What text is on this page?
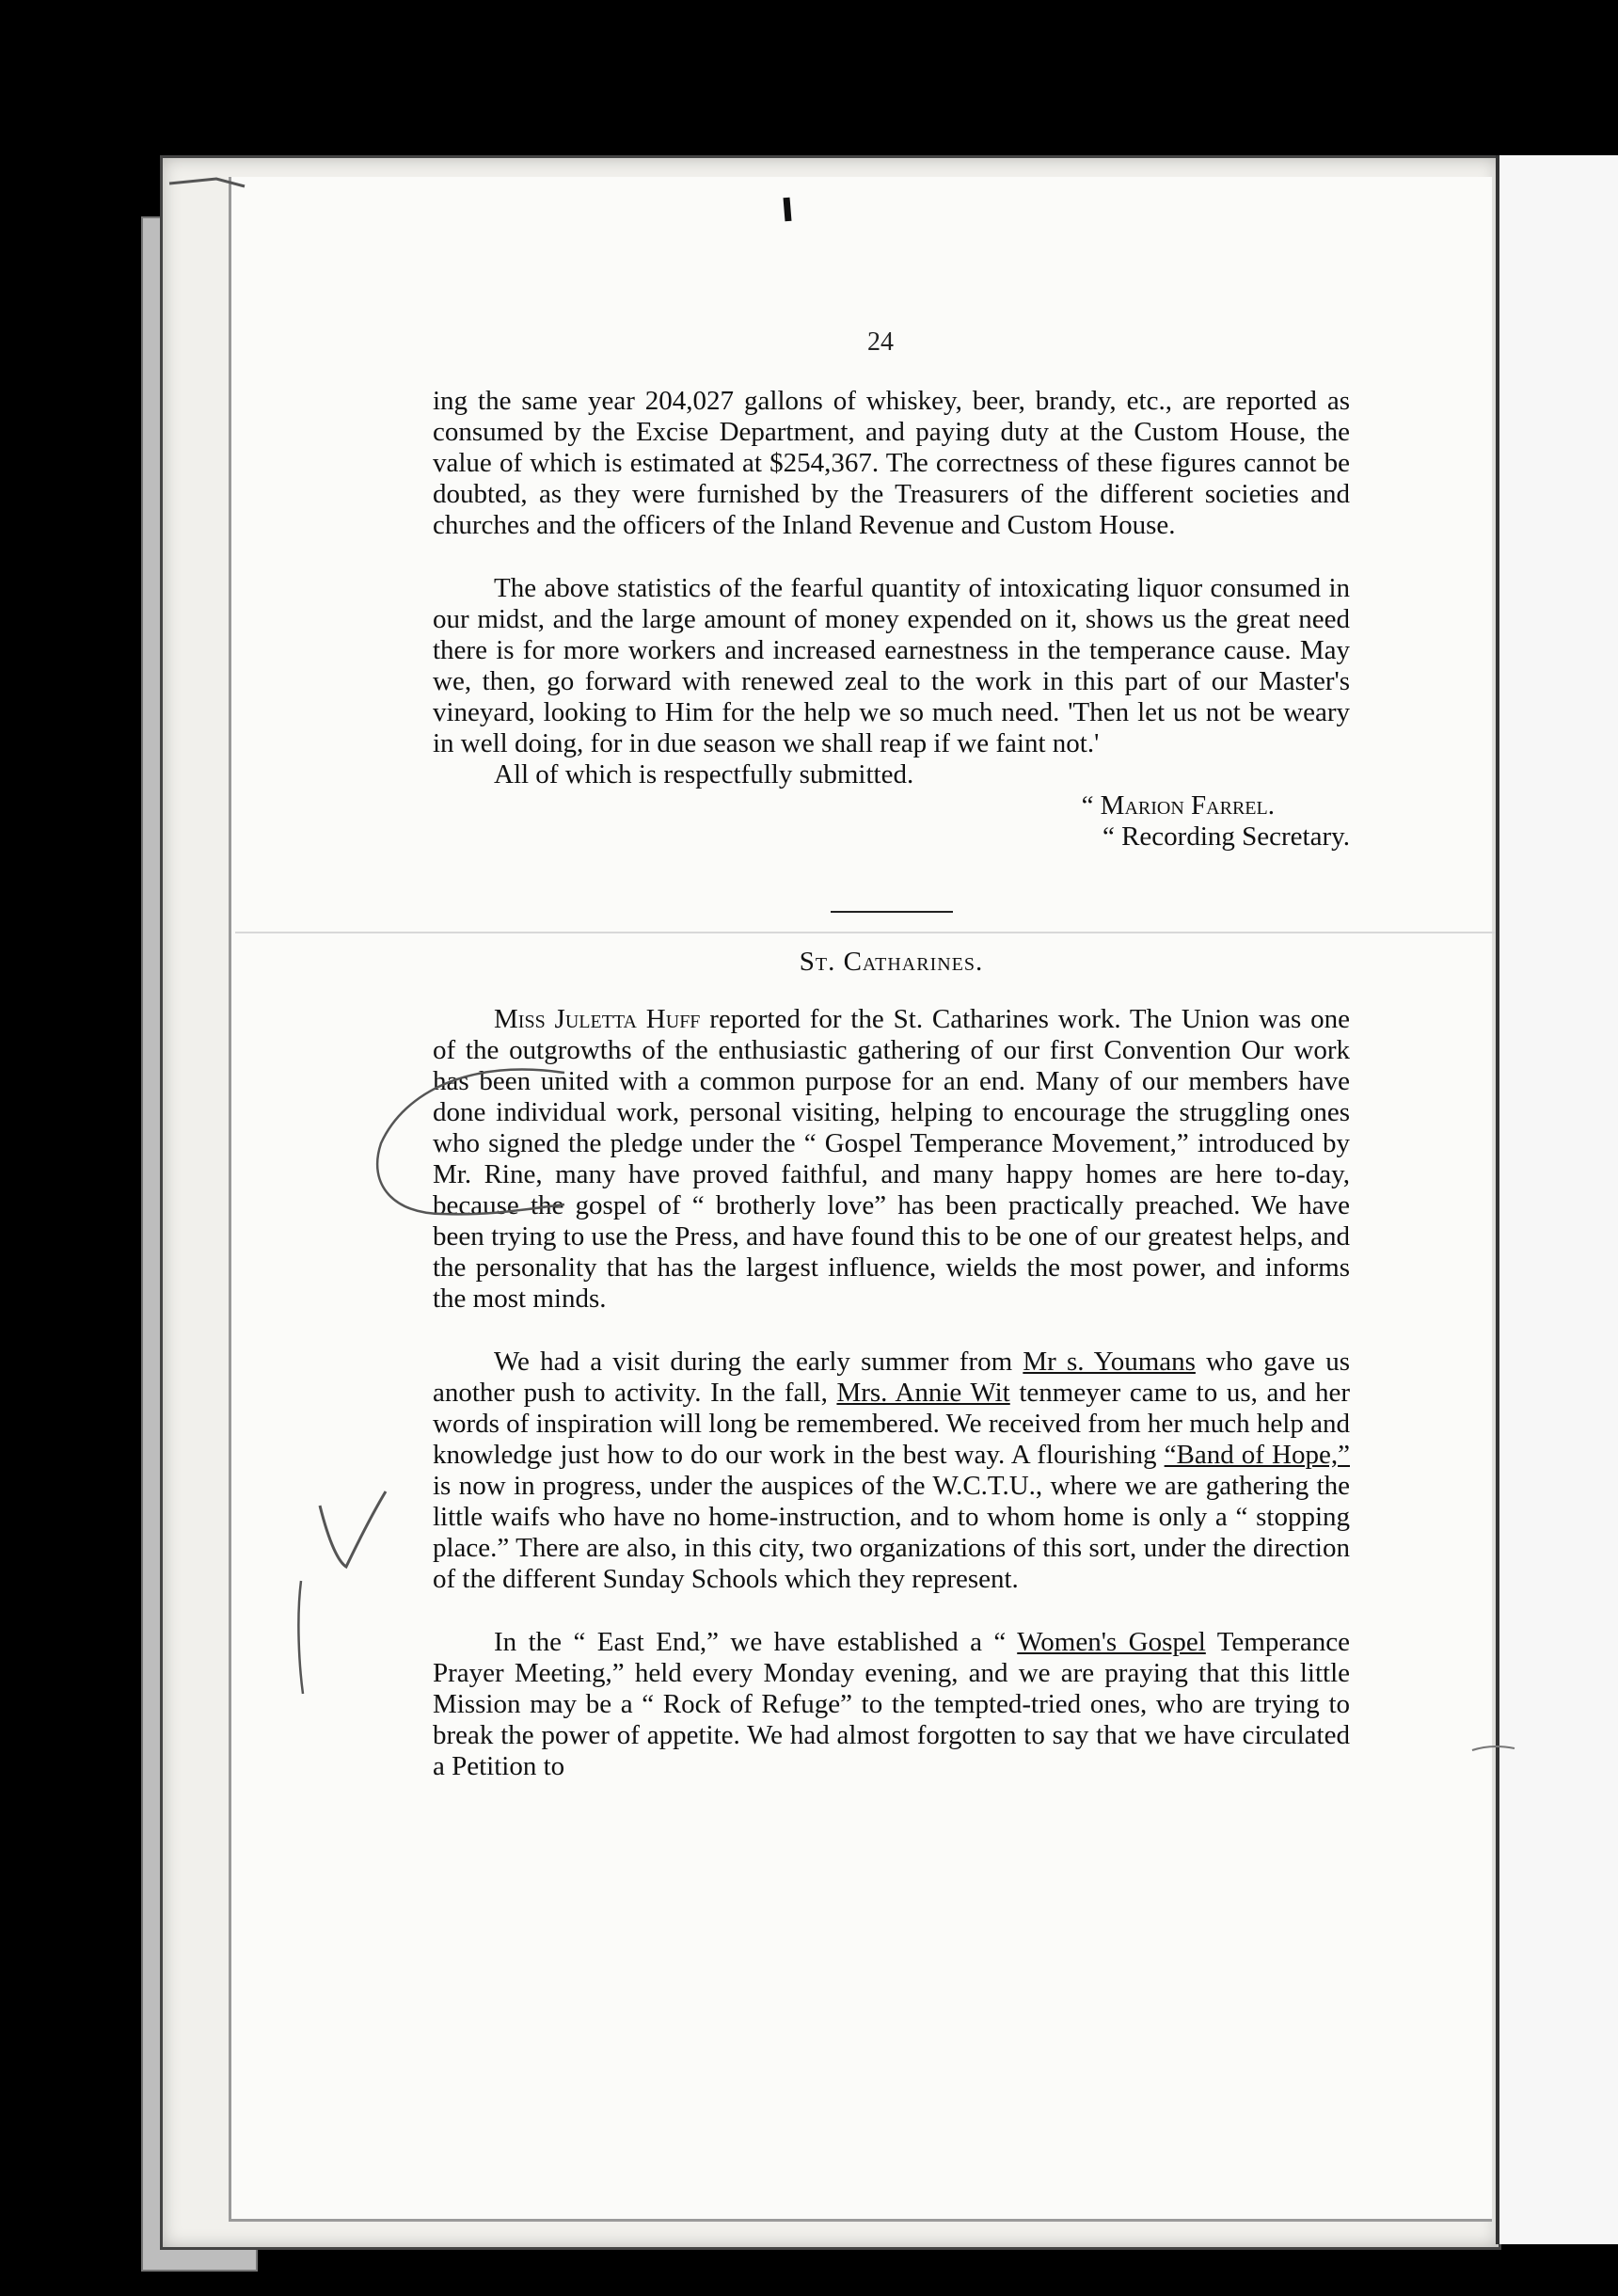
24

ing the same year 204,027 gallons of whiskey, beer, brandy, etc., are reported as consumed by the Excise Department, and paying duty at the Custom House, the value of which is estimated at $254,367. The correctness of these figures cannot be doubted, as they were furnished by the Treasurers of the different societies and churches and the officers of the Inland Revenue and Custom House.

The above statistics of the fearful quantity of intoxicating liquor consumed in our midst, and the large amount of money expended on it, shows us the great need there is for more workers and increased earnestness in the temperance cause. May we, then, go forward with renewed zeal to the work in this part of our Master's vineyard, looking to Him for the help we so much need. 'Then let us not be weary in well doing, for in due season we shall reap if we faint not.'

All of which is respectfully submitted.

“ Marion Farrel.

“ Recording Secretary.

St. Catharines.

Miss Juletta Huff reported for the St. Catharines work. The Union was one of the outgrowths of the enthusiastic gathering of our first Convention Our work has been united with a common purpose for an end. Many of our members have done individual work, personal visiting, helping to encourage the struggling ones who signed the pledge under the “ Gospel Temperance Movement,” introduced by Mr. Rine, many have proved faithful, and many happy homes are here to-day, because the gospel of “ brotherly love” has been practically preached. We have been trying to use the Press, and have found this to be one of our greatest helps, and the personality that has the largest influence, wields the most power, and informs the most minds.

We had a visit during the early summer from Mr s. Youmans who gave us another push to activity. In the fall, Mrs. Annie Wit tenmeyer came to us, and her words of inspiration will long be remembered. We received from her much help and knowledge just how to do our work in the best way. A flourishing “Band of Hope,” is now in progress, under the auspices of the W.C.T.U., where we are gathering the little waifs who have no home-instruction, and to whom home is only a “ stopping place.” There are also, in this city, two organizations of this sort, under the direction of the different Sunday Schools which they represent.

In the “ East End,” we have established a “ Women's Gospel Temperance Prayer Meeting,” held every Monday evening, and we are praying that this little Mission may be a “ Rock of Refuge” to the tempted-tried ones, who are trying to break the power of appetite. We had almost forgotten to say that we have circulated a Petition to
